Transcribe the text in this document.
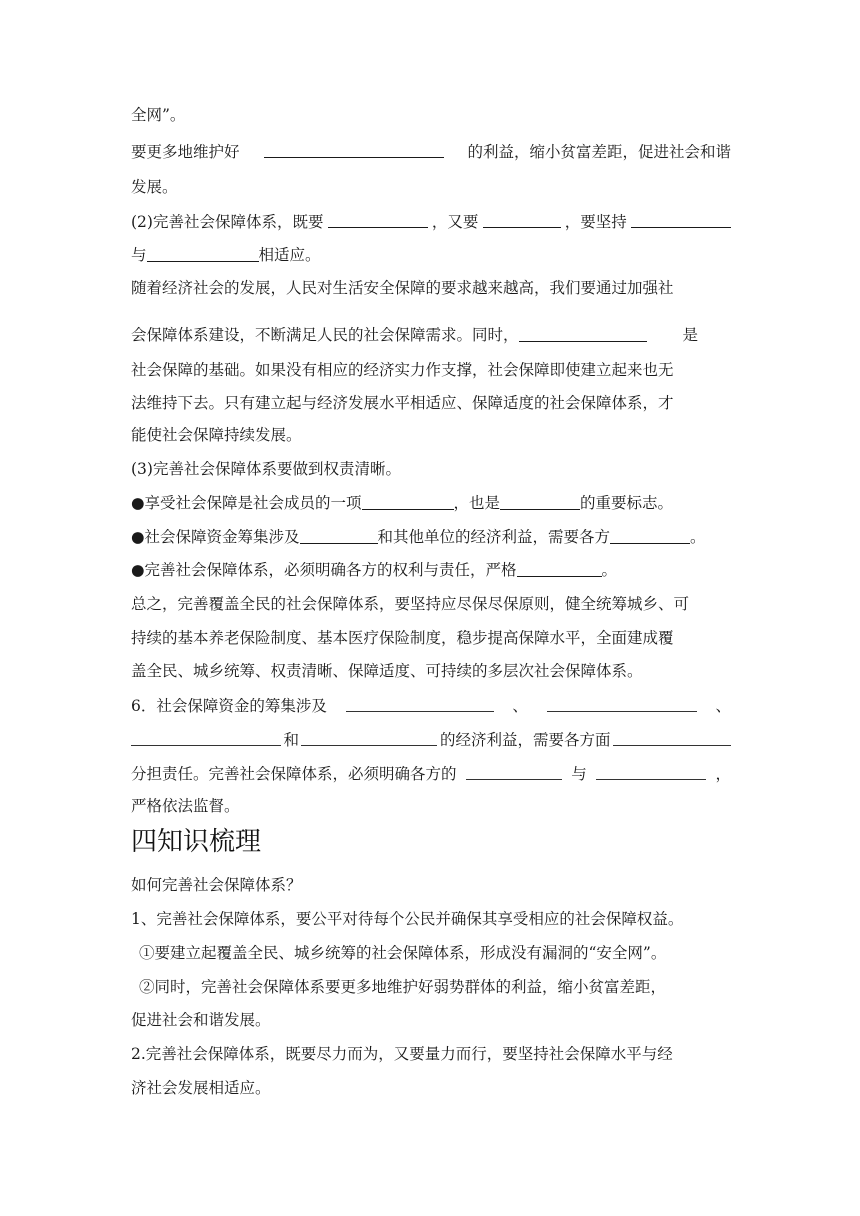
全网”。
要更多地维护好	的利益，缩小贫富差距，促进社会和谐
发展。
(2)完善社会保障体系，既要	，又要	，要坚持
与	相适应。
随着经济社会的发展，人民对生活安全保障的要求越来越高，我们要通过加强社
会保障体系建设，不断满足人民的社会保障需求。同时，	是
社会保障的基础。如果没有相应的经济实力作支撑，社会保障即使建立起来也无
法维持下去。只有建立起与经济发展水平相适应、保障适度的社会保障体系，才
能使社会保障持续发展。
(3)完善社会保障体系要做到权责清晰。
●享受社会保障是社会成员的一项	，也是	的重要标志。
●社会保障资金筹集涉及	和其他单位的经济利益，需要各方	。
●完善社会保障体系，必须明确各方的权利与责任，严格	。
总之，完善覆盖全民的社会保障体系，要坚持应尽保尽保原则，健全统筹城乡、可
持续的基本养老保险制度、基本医疗保险制度，稳步提高保障水平，全面建成覆
盖全民、城乡统筹、权责清晰、保障适度、可持续的多层次社会保障体系。
6．社会保障资金的筹集涉及	、	、
和	的经济利益，需要各方面
分担责任。完善社会保障体系，必须明确各方的	与	，
严格依法监督。
四知识梳理
如何完善社会保障体系？
1、完善社会保障体系，要公平对待每个公民并确保其享受相应的社会保障权益。
①要建立起覆盖全民、城乡统筹的社会保障体系，形成没有漏洞的“安全网”。
②同时，完善社会保障体系要更多地维护好弱势群体的利益，缩小贫富差距，
促进社会和谐发展。
2.完善社会保障体系，既要尽力而为，又要量力而行，要坚持社会保障水平与经
济社会发展相适应。
